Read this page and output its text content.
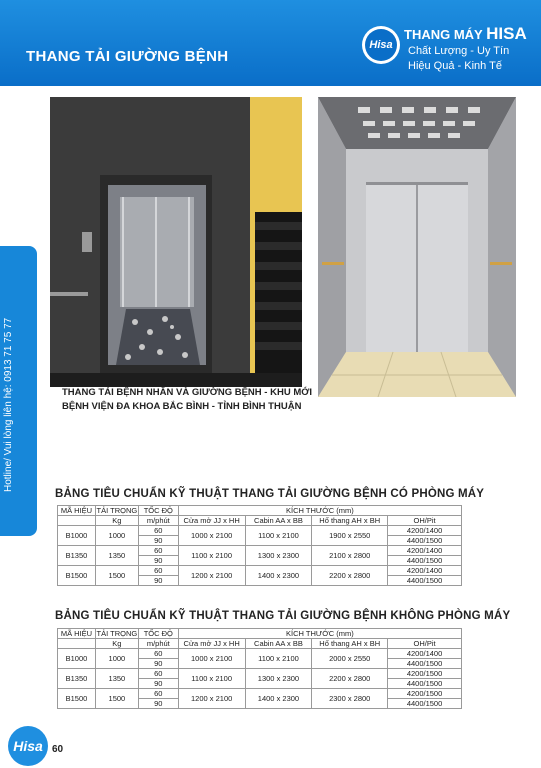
THANG TẢI GIƯỜNG BỆNH
Hisa
THANG MÁY HISA
Chất Lượng - Uy Tín
Hiệu Quả - Kinh Tế
THANG TẢI BỆNH NHÂN VÀ GIƯỜNG BỆNH - KHU MỚI
BỆNH VIỆN ĐA KHOA BẮC BÌNH - TỈNH BÌNH THUẬN
BẢNG TIÊU CHUẨN KỸ THUẬT THANG TẢI GIƯỜNG BỆNH CÓ PHÒNG MÁY
MÃ HIỆU	TẢI TRỌNG	TỐC ĐỘ	KÍCH THƯỚC (mm)			
	Kg	m/phút	Cửa mở JJ x HH	Cabin AA x BB	Hố thang AH x BH	OH/Pit
B1000	1000	60	1000 x 2100	1100 x 2100	1900 x 2550	4200/1400
		90				4400/1500
B1350	1350	60	1100 x 2100	1300 x 2300	2100 x 2800	4200/1400
		90				4400/1500
B1500	1500	60	1200 x 2100	1400 x 2300	2200 x 2800	4200/1400
		90				4400/1500
BẢNG TIÊU CHUẨN KỸ THUẬT THANG TẢI GIƯỜNG BỆNH KHÔNG PHÒNG MÁY
MÃ HIỆU	TẢI TRỌNG	TỐC ĐỘ	KÍCH THƯỚC (mm)			
	Kg	m/phút	Cửa mở JJ x HH	Cabin AA x BB	Hố thang AH x BH	OH/Pit
B1000	1000	60	1000 x 2100	1100 x 2100	2000 x 2550	4200/1400
		90				4400/1500
B1350	1350	60	1100 x 2100	1300 x 2300	2200 x 2800	4200/1500
		90				4400/1500
B1500	1500	60	1200 x 2100	1400 x 2300	2300 x 2800	4200/1500
		90				4400/1500
Hisa 60
